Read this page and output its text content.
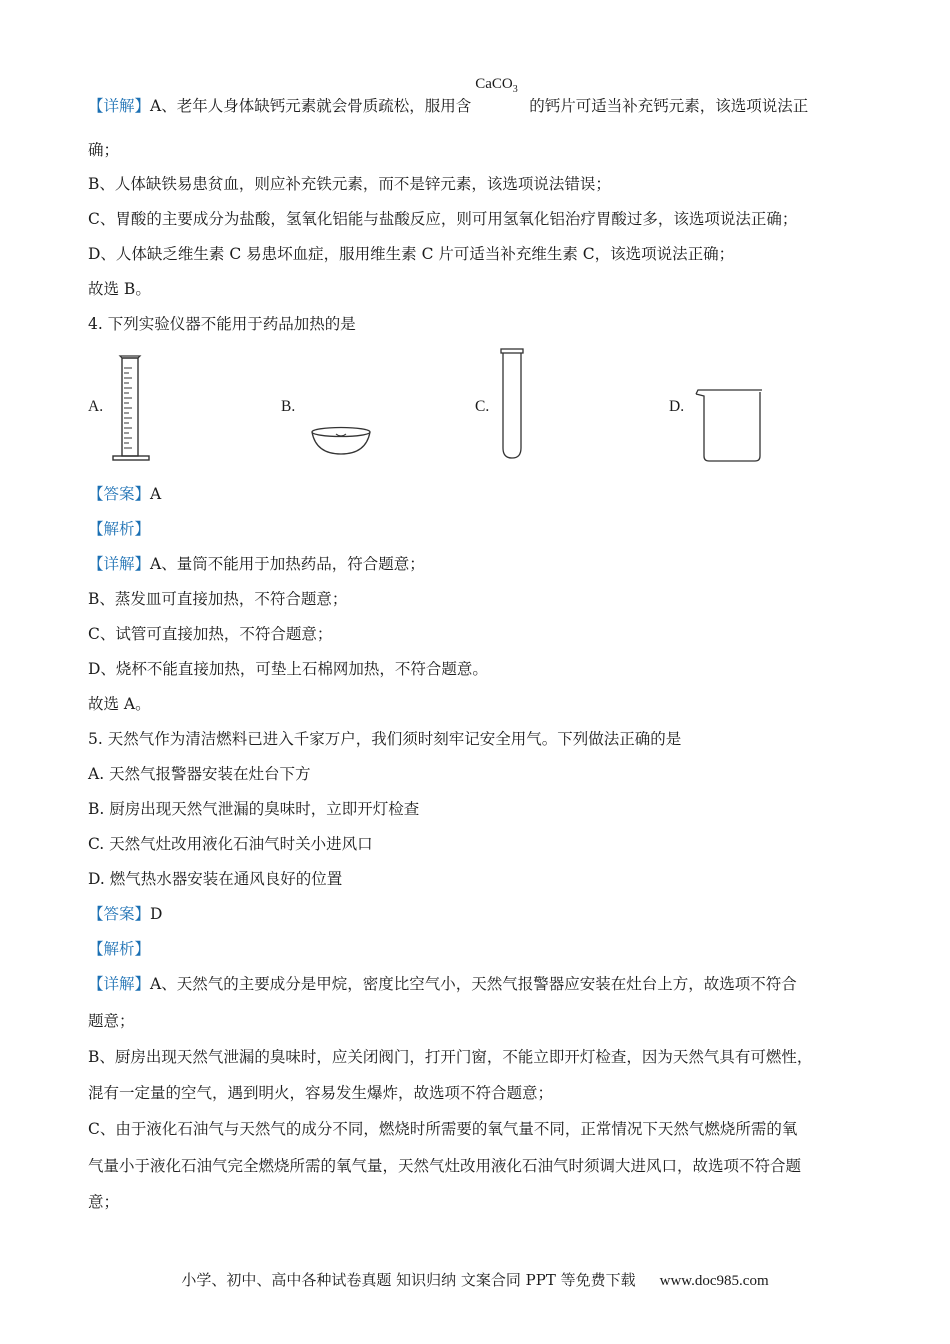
【详解】A、老年人身体缺钙元素就会骨质疏松，服用含
CaCO$_3$
的钙片可适当补充钙元素，该选项说法正
确；
B、人体缺铁易患贫血，则应补充铁元素，而不是锌元素，该选项说法错误；
C、胃酸的主要成分为盐酸，氢氧化铝能与盐酸反应，则可用氢氧化铝治疗胃酸过多，该选项说法正确；
D、人体缺乏维生素 C 易患坏血症，服用维生素 C 片可适当补充维生素 C，该选项说法正确；
故选 B。
4. 下列实验仪器不能用于药品加热的是
A.	B.	C.	D.
【答案】A
【解析】
【详解】A、量筒不能用于加热药品，符合题意；
B、蒸发皿可直接加热，不符合题意；
C、试管可直接加热，不符合题意；
D、烧杯不能直接加热，可垫上石棉网加热，不符合题意。
故选 A。
5. 天然气作为清洁燃料已进入千家万户，我们须时刻牢记安全用气。下列做法正确的是
A. 天然气报警器安装在灶台下方
B. 厨房出现天然气泄漏的臭味时，立即开灯检查
C. 天然气灶改用液化石油气时关小进风口
D. 燃气热水器安装在通风良好的位置
【答案】D
【解析】
【详解】A、天然气的主要成分是甲烷，密度比空气小，天然气报警器应安装在灶台上方，故选项不符合
题意；
B、厨房出现天然气泄漏的臭味时，应关闭阀门，打开门窗，不能立即开灯检查，因为天然气具有可燃性，
混有一定量的空气，遇到明火，容易发生爆炸，故选项不符合题意；
C、由于液化石油气与天然气的成分不同，燃烧时所需要的氧气量不同，正常情况下天然气燃烧所需的氧
气量小于液化石油气完全燃烧所需的氧气量，天然气灶改用液化石油气时须调大进风口，故选项不符合题
意；
小学、初中、高中各种试卷真题 知识归纳 文案合同 PPT 等免费下载 www.doc985.com
